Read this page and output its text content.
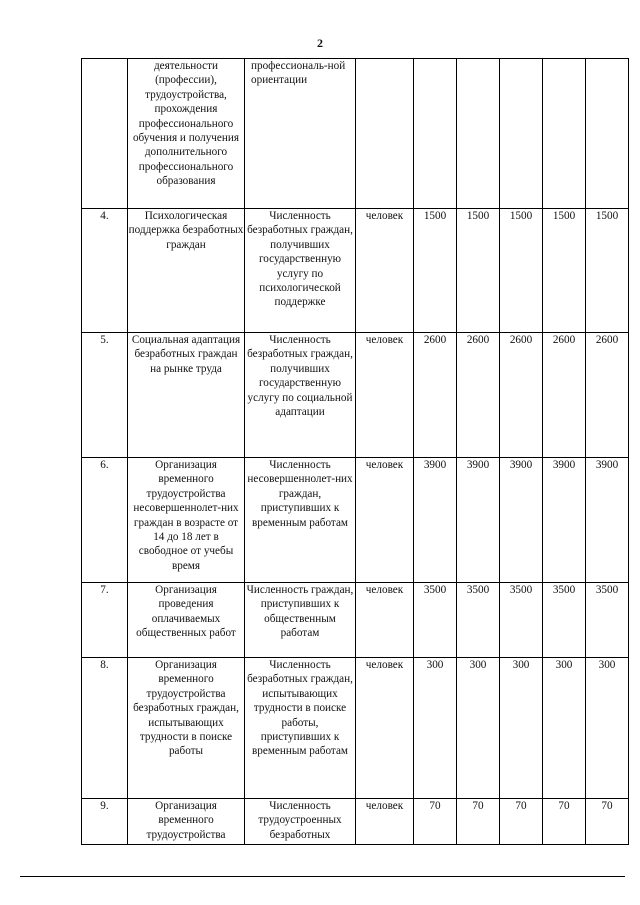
2
	деятельности (профессии), трудоустройства, прохождения профессионального обучения и получения дополнительного профессионального образования	профессиональ-ной ориентации						
4.	Психологическая поддержка безработных граждан	Численность безработных граждан, получивших государственную услугу по психологической поддержке	человек	1500	1500	1500	1500	1500
5.	Социальная адаптация безработных граждан на рынке труда	Численность безработных граждан, получивших государственную услугу по социальной адаптации	человек	2600	2600	2600	2600	2600
6.	Организация временного трудоустройства несовершеннолет-них граждан в возрасте от 14 до 18 лет в свободное от учебы время	Численность несовершеннолет-них граждан, приступивших к временным работам	человек	3900	3900	3900	3900	3900
7.	Организация проведения оплачиваемых общественных работ	Численность граждан, приступивших к общественным работам	человек	3500	3500	3500	3500	3500
8.	Организация временного трудоустройства безработных граждан, испытывающих трудности в поиске работы	Численность безработных граждан, испытывающих трудности в поиске работы, приступивших к временным работам	человек	300	300	300	300	300
9.	Организация временного трудоустройства	Численность трудоустроенных безработных	человек	70	70	70	70	70
